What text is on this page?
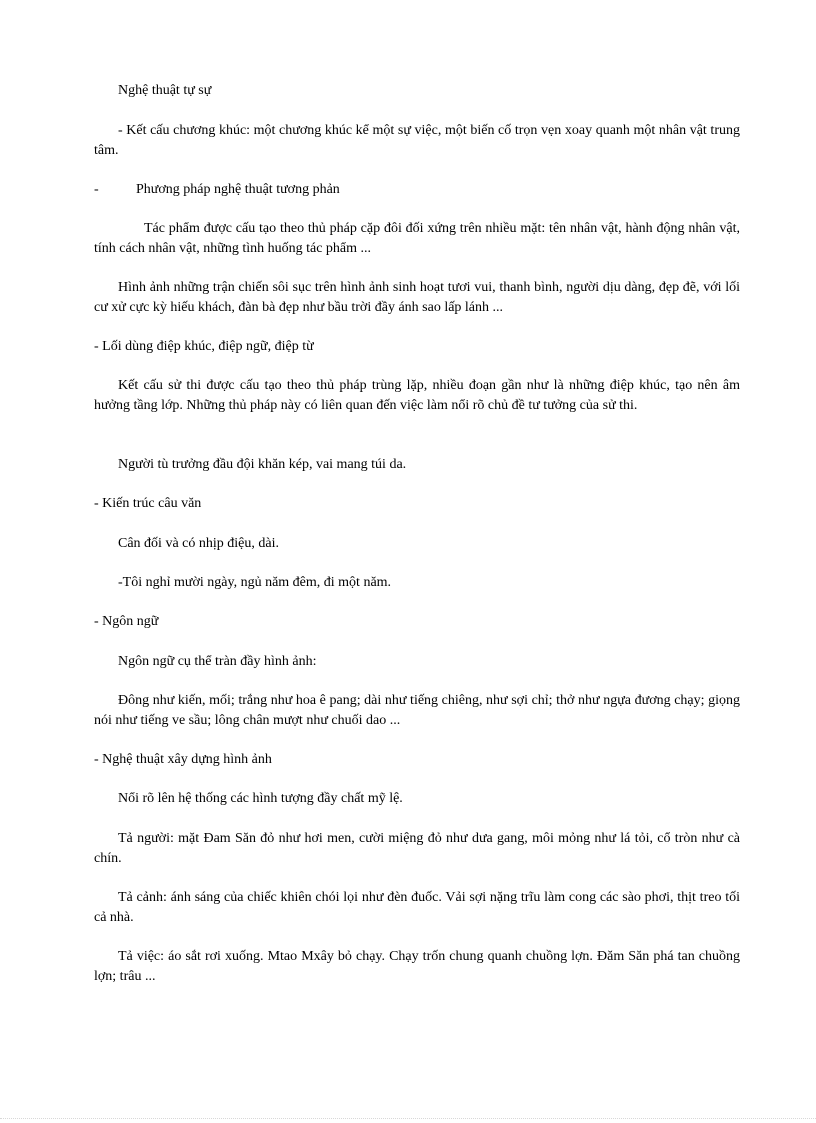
Nghệ thuật tự sự

- Kết cấu chương khúc: một chương khúc kể một sự việc, một biến cố trọn vẹn xoay quanh một nhân vật trung tâm.

-	Phương pháp nghệ thuật tương phản

Tác phẩm được cấu tạo theo thủ pháp cặp đôi đối xứng trên nhiều mặt: tên nhân vật, hành động nhân vật, tính cách nhân vật, những tình huống tác phẩm ...

Hình ảnh những trận chiến sôi sục trên hình ảnh sinh hoạt tươi vui, thanh bình, người dịu dàng, đẹp đẽ, với lối cư xử cực kỳ hiếu khách, đàn bà đẹp như bầu trời đầy ánh sao lấp lánh ...

- Lối dùng điệp khúc, điệp ngữ, điệp từ

Kết cấu sử thi được cấu tạo theo thủ pháp trùng lặp, nhiều đoạn gần như là những điệp khúc, tạo nên âm hưởng tầng lớp. Những thủ pháp này có liên quan đến việc làm nổi rõ chủ đề tư tưởng của sử thi.

Người tù trưởng đầu đội khăn kép, vai mang túi da.

- Kiến trúc câu văn

Cân đối và có nhịp điệu, dài.

-Tôi nghỉ mười ngày, ngủ năm đêm, đi một năm.

- Ngôn ngữ

Ngôn ngữ cụ thể tràn đầy hình ảnh:

Đông như kiến, mối; trắng như hoa ê pang; dài như tiếng chiêng, như sợi chỉ; thở như ngựa đương chạy; giọng nói như tiếng ve sầu; lông chân mượt như chuối dao ...

- Nghệ thuật xây dựng hình ảnh

Nổi rõ lên hệ thống các hình tượng đầy chất mỹ lệ.

Tả người: mặt Đam Săn đỏ như hơi men, cười miệng đỏ như dưa gang, môi mỏng như lá tỏi, cổ tròn như cà chín.

Tả cảnh: ánh sáng của chiếc khiên chói lọi như đèn đuốc. Vải sợi nặng trĩu làm cong các sào phơi, thịt treo tối cả nhà.

Tả việc: áo sắt rơi xuống. Mtao Mxây bỏ chạy. Chạy trốn chung quanh chuồng lợn. Đăm Săn phá tan chuồng lợn; trâu ...
